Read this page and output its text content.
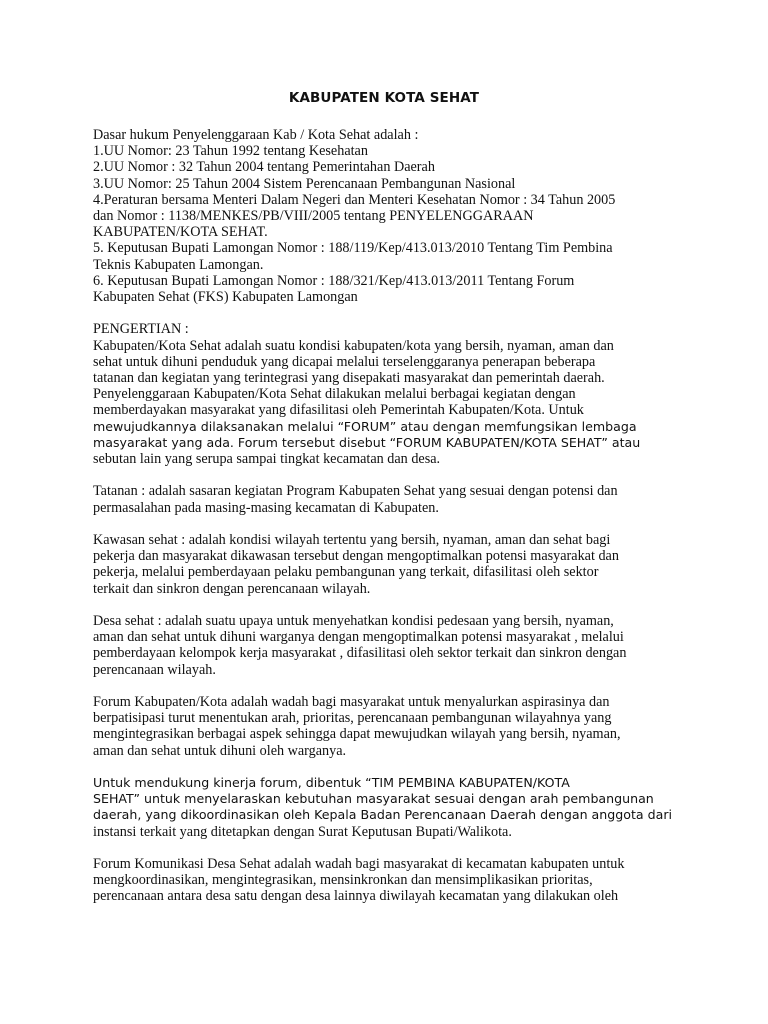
KABUPATEN KOTA SEHAT

Dasar hukum Penyelenggaraan Kab / Kota Sehat adalah :

1.UU Nomor: 23 Tahun 1992 tentang Kesehatan

2.UU Nomor : 32 Tahun 2004 tentang Pemerintahan Daerah

3.UU Nomor: 25 Tahun 2004 Sistem Perencanaan Pembangunan Nasional

4.Peraturan bersama Menteri Dalam Negeri dan Menteri Kesehatan Nomor : 34 Tahun 2005

dan Nomor : 1138/MENKES/PB/VIII/2005 tentang PENYELENGGARAAN

KABUPATEN/KOTA SEHAT.

5. Keputusan Bupati Lamongan Nomor : 188/119/Kep/413.013/2010 Tentang Tim Pembina

Teknis Kabupaten Lamongan.

6. Keputusan Bupati Lamongan Nomor : 188/321/Kep/413.013/2011 Tentang Forum

Kabupaten Sehat (FKS) Kabupaten Lamongan

PENGERTIAN :

Kabupaten/Kota Sehat adalah suatu kondisi kabupaten/kota yang bersih, nyaman, aman dan

sehat untuk dihuni penduduk yang dicapai melalui terselenggaranya penerapan beberapa

tatanan dan kegiatan yang terintegrasi yang disepakati masyarakat dan pemerintah daerah.

Penyelenggaraan Kabupaten/Kota Sehat dilakukan melalui berbagai kegiatan dengan

memberdayakan masyarakat yang difasilitasi oleh Pemerintah Kabupaten/Kota. Untuk

mewujudkannya dilaksanakan melalui “FORUM” atau dengan memfungsikan lembaga

masyarakat yang ada. Forum tersebut disebut “FORUM KABUPATEN/KOTA SEHAT” atau

sebutan lain yang serupa sampai tingkat kecamatan dan desa.

Tatanan : adalah sasaran kegiatan Program Kabupaten Sehat yang sesuai dengan potensi dan

permasalahan pada masing-masing kecamatan di Kabupaten.

Kawasan sehat : adalah kondisi wilayah tertentu yang bersih, nyaman, aman dan sehat bagi

pekerja dan masyarakat dikawasan tersebut dengan mengoptimalkan potensi masyarakat dan

pekerja, melalui pemberdayaan pelaku pembangunan yang terkait, difasilitasi oleh sektor

terkait dan sinkron dengan perencanaan wilayah.

Desa sehat : adalah suatu upaya untuk menyehatkan kondisi pedesaan yang bersih, nyaman,

aman dan sehat untuk dihuni warganya dengan mengoptimalkan potensi masyarakat , melalui

pemberdayaan kelompok kerja masyarakat , difasilitasi oleh sektor terkait dan sinkron dengan

perencanaan wilayah.

Forum Kabupaten/Kota adalah wadah bagi masyarakat untuk menyalurkan aspirasinya dan

berpatisipasi turut menentukan arah, prioritas, perencanaan pembangunan wilayahnya yang

mengintegrasikan berbagai aspek sehingga dapat mewujudkan wilayah yang bersih, nyaman,

aman dan sehat untuk dihuni oleh warganya.

Untuk mendukung kinerja forum, dibentuk “TIM PEMBINA KABUPATEN/KOTA

SEHAT” untuk menyelaraskan kebutuhan masyarakat sesuai dengan arah pembangunan

daerah, yang dikoordinasikan oleh Kepala Badan Perencanaan Daerah dengan anggota dari

instansi terkait yang ditetapkan dengan Surat Keputusan Bupati/Walikota.

Forum Komunikasi Desa Sehat adalah wadah bagi masyarakat di kecamatan kabupaten untuk

mengkoordinasikan, mengintegrasikan, mensinkronkan dan mensimplikasikan prioritas,

perencanaan antara desa satu dengan desa lainnya diwilayah kecamatan yang dilakukan oleh
